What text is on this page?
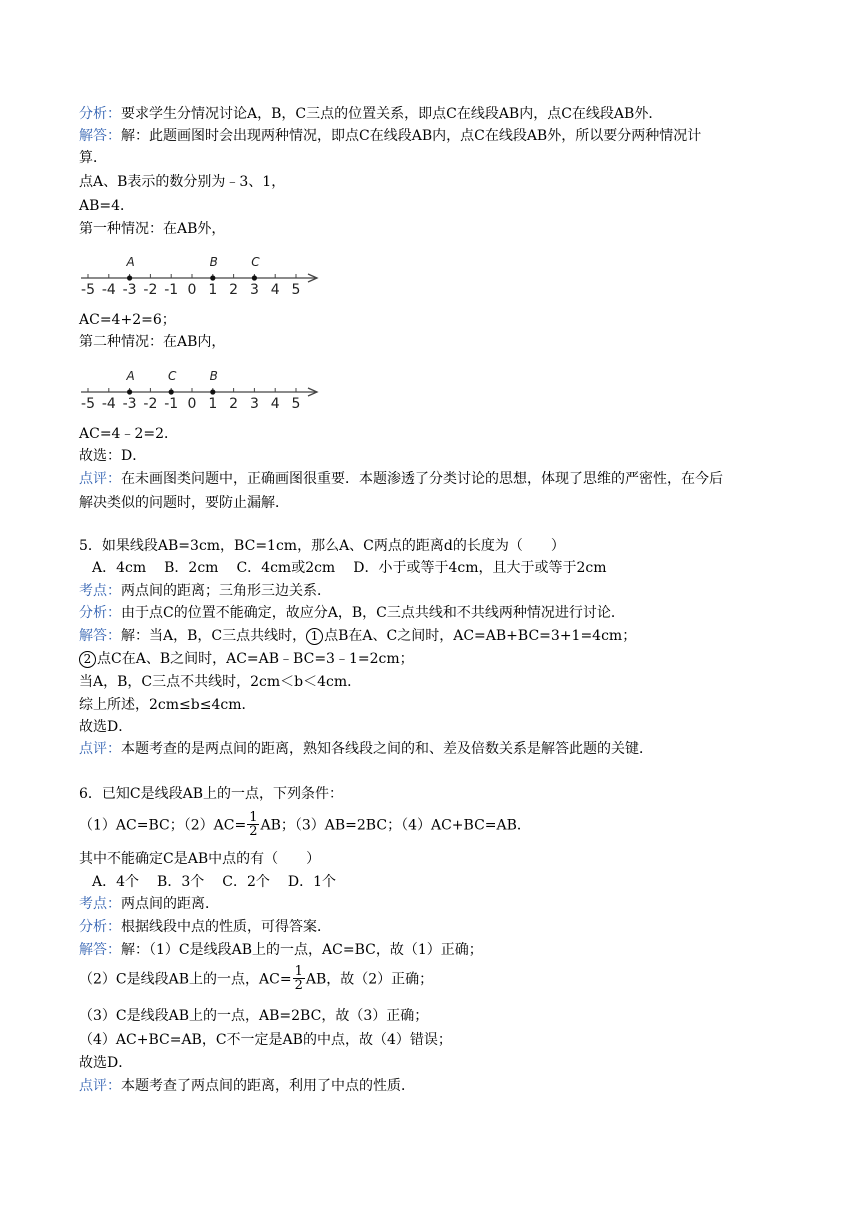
分析：要求学生分情况讨论A，B，C三点的位置关系，即点C在线段AB内，点C在线段AB外．
解答：解：此题画图时会出现两种情况，即点C在线段AB内，点C在线段AB外，所以要分两种情况计
算．
点A、B表示的数分别为﹣3、1，
AB=4．
第一种情况：在AB外，
-5 -4 -3 -2 -1 0 1 2 3 4 5
A	B	C
AC=4+2=6；
第二种情况：在AB内，
-5 -4 -3 -2 -1 0 1 2 3 4 5
A	C	B
AC=4﹣2=2．
故选：D．
点评：在未画图类问题中，正确画图很重要．本题渗透了分类讨论的思想，体现了思维的严密性，在今后
解决类似的问题时，要防止漏解．
5．如果线段AB=3cm，BC=1cm，那么A、C两点的距离d的长度为（　　）
A．4cm B．2cm C．4cm或2cm D．小于或等于4cm，且大于或等于2cm
考点：两点间的距离；三角形三边关系．
分析：由于点C的位置不能确定，故应分A，B，C三点共线和不共线两种情况进行讨论．
解答：解：当A，B，C三点共线时， 1 点B在A、C之间时，AC=AB+BC=3+1=4cm；
2 点C在A、B之间时，AC=AB﹣BC=3﹣1=2cm；
当A，B，C三点不共线时，2cm＜b＜4cm．
综上所述，2cm≤b≤4cm．
故选D．
点评：本题考查的是两点间的距离，熟知各线段之间的和、差及倍数关系是解答此题的关键．
6．已知C是线段AB上的一点，下列条件：
（1）AC=BC；$(2)AC= \frac{1}{2}$ AB；（3）AB=2BC；（4）AC+BC=AB．
其中不能确定C是AB中点的有（　　）
A．4个 B．3个 C．2个 D．1个
考点：两点间的距离．
分析：根据线段中点的性质，可得答案．
解答：解：（1）C是线段AB上的一点，AC=BC，故（1）正确；
（2）C是线段AB上的一点，$AC= \frac{1}{2}$ AB，故（2）正确；
（3）C是线段AB上的一点，AB=2BC，故（3）正确；
（4）AC+BC=AB，C不一定是AB的中点，故（4）错误；
故选D．
点评：本题考查了两点间的距离，利用了中点的性质．
